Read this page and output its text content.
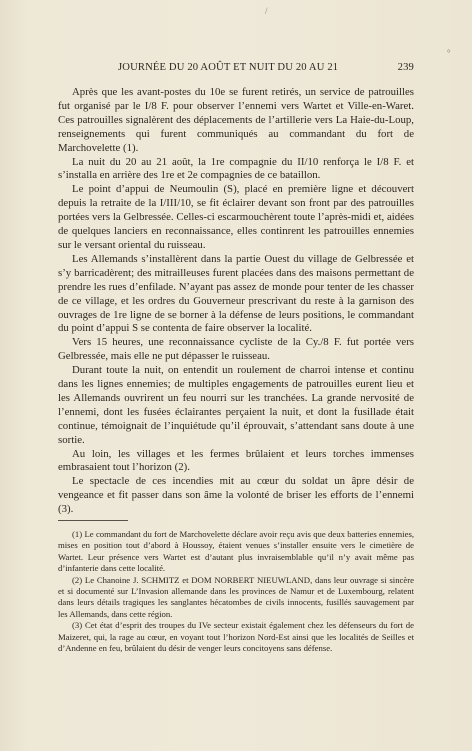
/
°
JOURNÉE DU 20 AOÛT ET NUIT DU 20 AU 21	239

Après que les avant-postes du 10e se furent retirés, un service de patrouilles fut organisé par le I/8 F. pour observer l’ennemi vers Wartet et Ville-en-Waret. Ces patrouilles signalèrent des déplacements de l’artillerie vers La Haie-du-Loup, renseignements qui furent communiqués au commandant du fort de Marchovelette (1).

La nuit du 20 au 21 août, la 1re compagnie du II/10 renforça le I/8 F. et s’installa en arrière des 1re et 2e compagnies de ce bataillon.

Le point d’appui de Neumoulin (S), placé en première ligne et découvert depuis la retraite de la I/III/10, se fit éclairer devant son front par des patrouilles portées vers la Gelbressée. Celles-ci escarmouchèrent toute l’après-midi et, aidées de quelques lanciers en reconnaissance, elles continrent les patrouilles ennemies sur le versant oriental du ruisseau.

Les Allemands s’installèrent dans la partie Ouest du village de Gelbressée et s’y barricadèrent; des mitrailleuses furent placées dans des maisons permettant de prendre les rues d’enfilade. N’ayant pas assez de monde pour tenter de les chasser de ce village, et les ordres du Gouverneur prescrivant du reste à la garnison des ouvrages de 1re ligne de se borner à la défense de leurs positions, le commandant du point d’appui S se contenta de faire observer la localité.

Vers 15 heures, une reconnaissance cycliste de la Cy./8 F. fut portée vers Gelbressée, mais elle ne put dépasser le ruisseau.

Durant toute la nuit, on entendit un roulement de charroi intense et continu dans les lignes ennemies; de multiples engagements de patrouilles eurent lieu et les Allemands ouvrirent un feu nourri sur les tranchées. La grande nervosité de l’ennemi, dont les fusées éclairantes perçaient la nuit, et dont la fusillade était continue, témoignait de l’inquiétude qu’il éprouvait, s’attendant sans doute à une sortie.

Au loin, les villages et les fermes brûlaient et leurs torches immenses embrasaient tout l’horizon (2).

Le spectacle de ces incendies mit au cœur du soldat un âpre désir de vengeance et fit passer dans son âme la volonté de briser les efforts de l’ennemi (3).

(1) Le commandant du fort de Marchovelette déclare avoir reçu avis que deux batteries ennemies, mises en position tout d’abord à Houssoy, étaient venues s’installer ensuite vers le cimetière de Wartet. Leur présence vers Wartet est d’autant plus invraisemblable qu’il n’y avait même pas d’infanterie dans cette localité.

(2) Le Chanoine J. SCHMITZ et DOM NORBERT NIEUWLAND, dans leur ouvrage si sincère et si documenté sur L’Invasion allemande dans les provinces de Namur et de Luxembourg, relatent dans leurs détails tragiques les sanglantes hécatombes de civils innocents, fusillés sauvagement par les Allemands, dans cette région.

(3) Cet état d’esprit des troupes du IVe secteur existait également chez les défenseurs du fort de Maizeret, qui, la rage au cœur, en voyant tout l’horizon Nord-Est ainsi que les localités de Seilles et d’Andenne en feu, brûlaient du désir de venger leurs concitoyens sans défense.
